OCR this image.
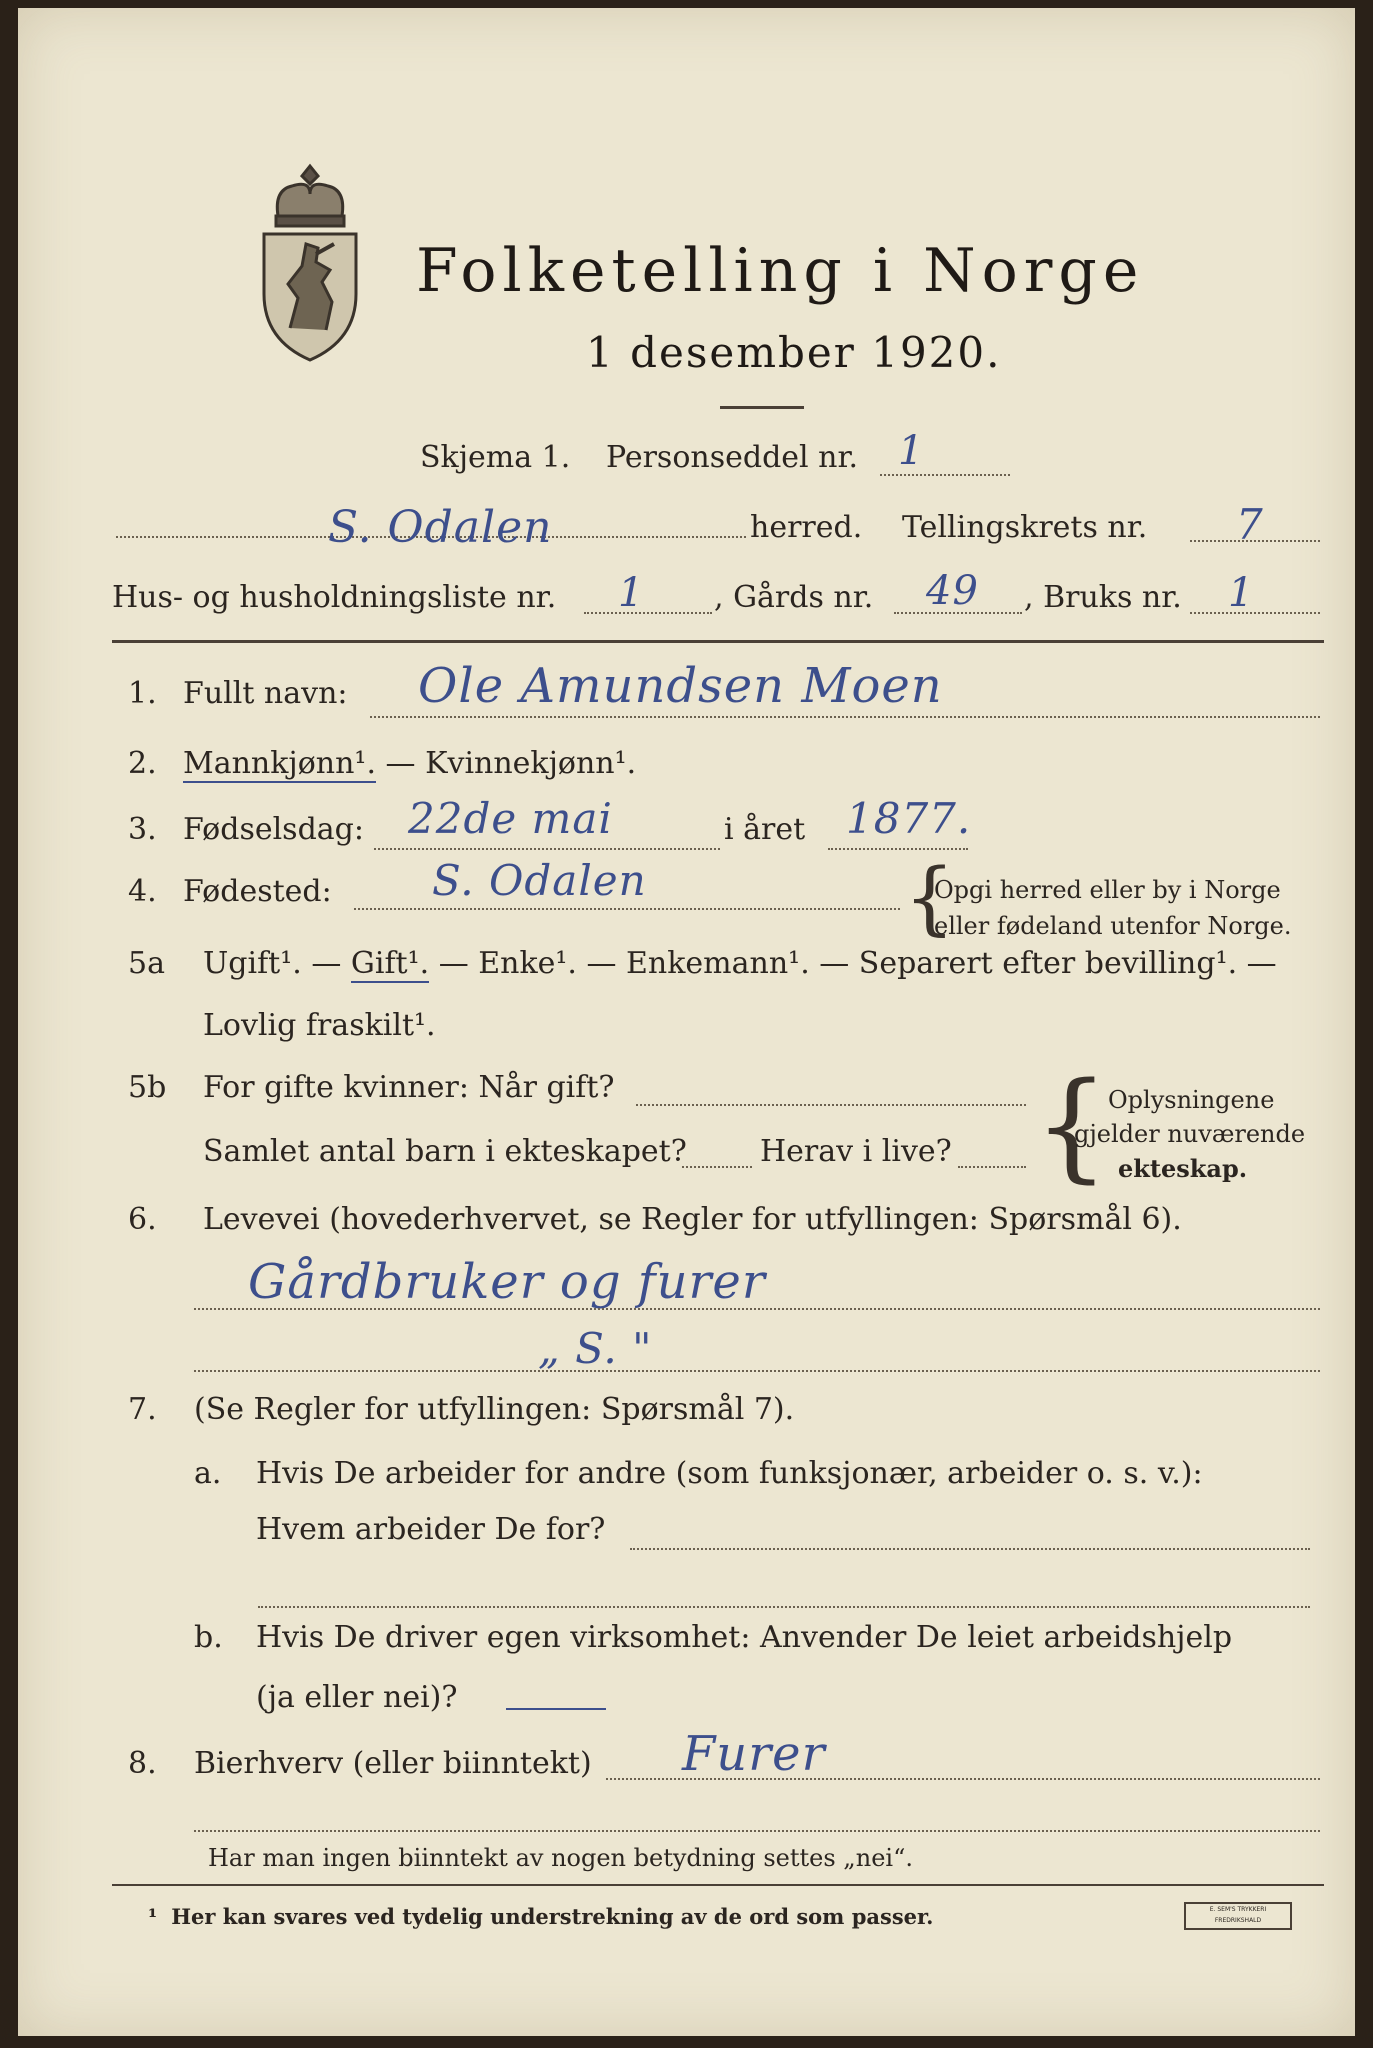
Folketelling i Norge
1 desember 1920.
Skjema 1. Personseddel nr. 1
S. Odalen	herred. Tellingskrets nr. 7
Hus- og husholdningsliste nr. 1 , Gårds nr. 49 , Bruks nr. 1
1. Fullt navn: Ole Amundsen Moen
2. Mannkjønn¹. — Kvinnekjønn¹.
3. Fødselsdag: 22de mai	i året 1877.
4. Fødested: S. Odalen	{
Opgi herred eller by i Norge
eller fødeland utenfor Norge.
5a Ugift¹. — Gift¹. — Enke¹. — Enkemann¹. — Separert efter bevilling¹. —
Lovlig fraskilt¹.
5b For gifte kvinner: Når gift?
Samlet antal barn i ekteskapet? Herav i live? {
Oplysningene
gjelder nuværende
ekteskap.
6. Levevei (hovederhvervet, se Regler for utfyllingen: Spørsmål 6).
Gårdbruker og furer
„ S. "
7. (Se Regler for utfyllingen: Spørsmål 7).
a. Hvis De arbeider for andre (som funksjonær, arbeider o. s. v.):
Hvem arbeider De for?
b. Hvis De driver egen virksomhet: Anvender De leiet arbeidshjelp
(ja eller nei)?
8. Bierhverv (eller biinntekt) Furer
Har man ingen biinntekt av nogen betydning settes „nei“.
¹ Her kan svares ved tydelig understrekning av de ord som passer.	E. SEM'S TRYKKERI FREDRIKSHALD
